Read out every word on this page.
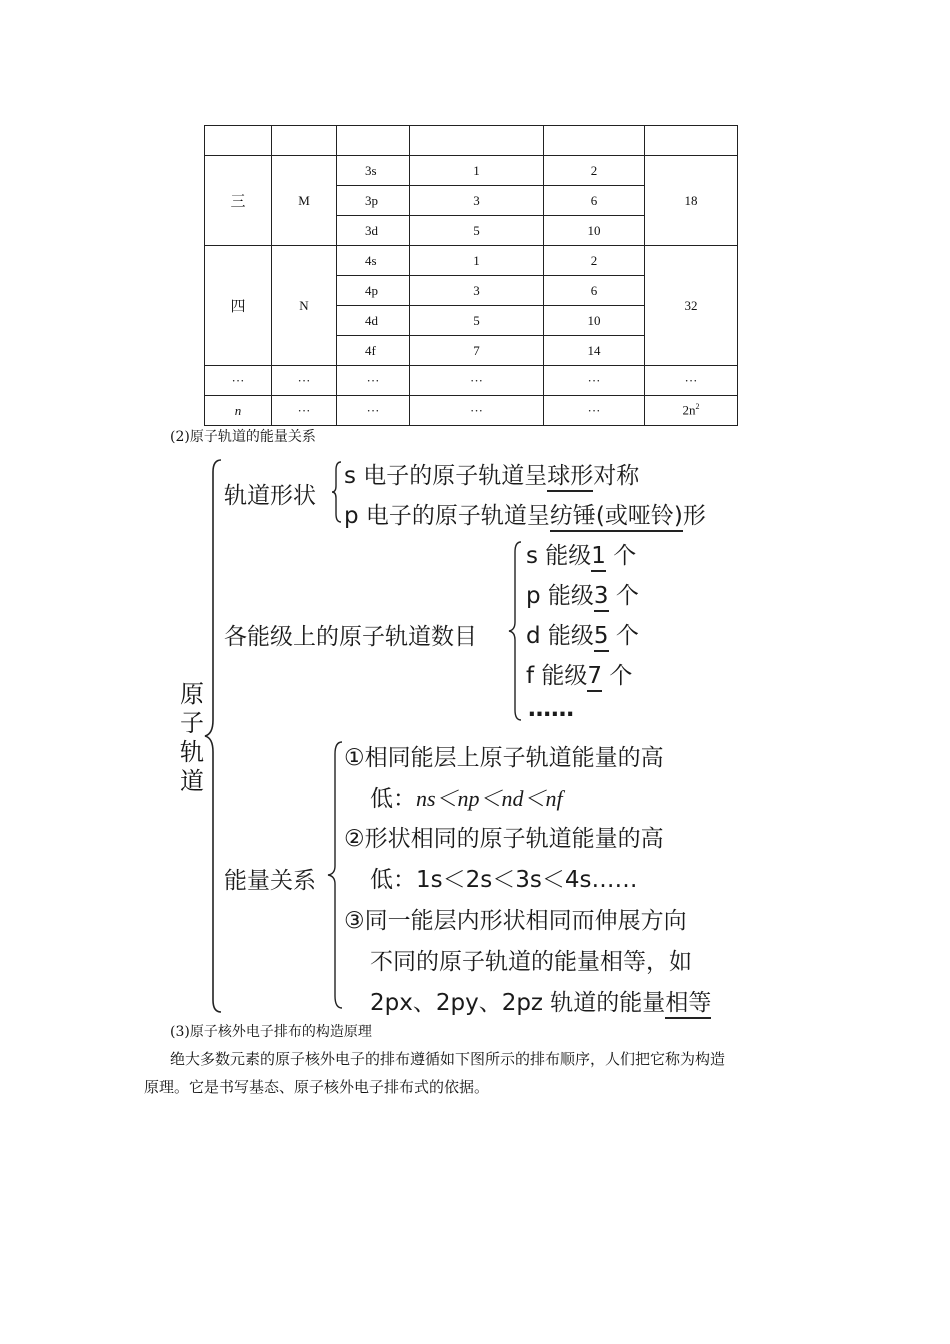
三	M	3s	1	2	18
		3p	3	6	
		3d	5	10	
四	N	4s	1	2	32
		4p	3	6	
		4d	5	10	
		4f	7	14	
···	···	···	···	···	···
n	···	···	···	···	$2n^2$
(2)原子轨道的能量关系
原
子
轨
道
轨道形状
s 电子的原子轨道呈球形对称
p 电子的原子轨道呈纺锤(或哑铃)形
各能级上的原子轨道数目
s 能级1 个
p 能级3 个
d 能级5 个
f 能级7 个
……
能量关系
①相同能层上原子轨道能量的高
低：ns＜np＜nd＜nf
②形状相同的原子轨道能量的高
低：1s＜2s＜3s＜4s……
③同一能层内形状相同而伸展方向
不同的原子轨道的能量相等，如
2px、2py、2pz 轨道的能量相等
(3)原子核外电子排布的构造原理
绝大多数元素的原子核外电子的排布遵循如下图所示的排布顺序，人们把它称为构造
原理。它是书写基态、原子核外电子排布式的依据。
